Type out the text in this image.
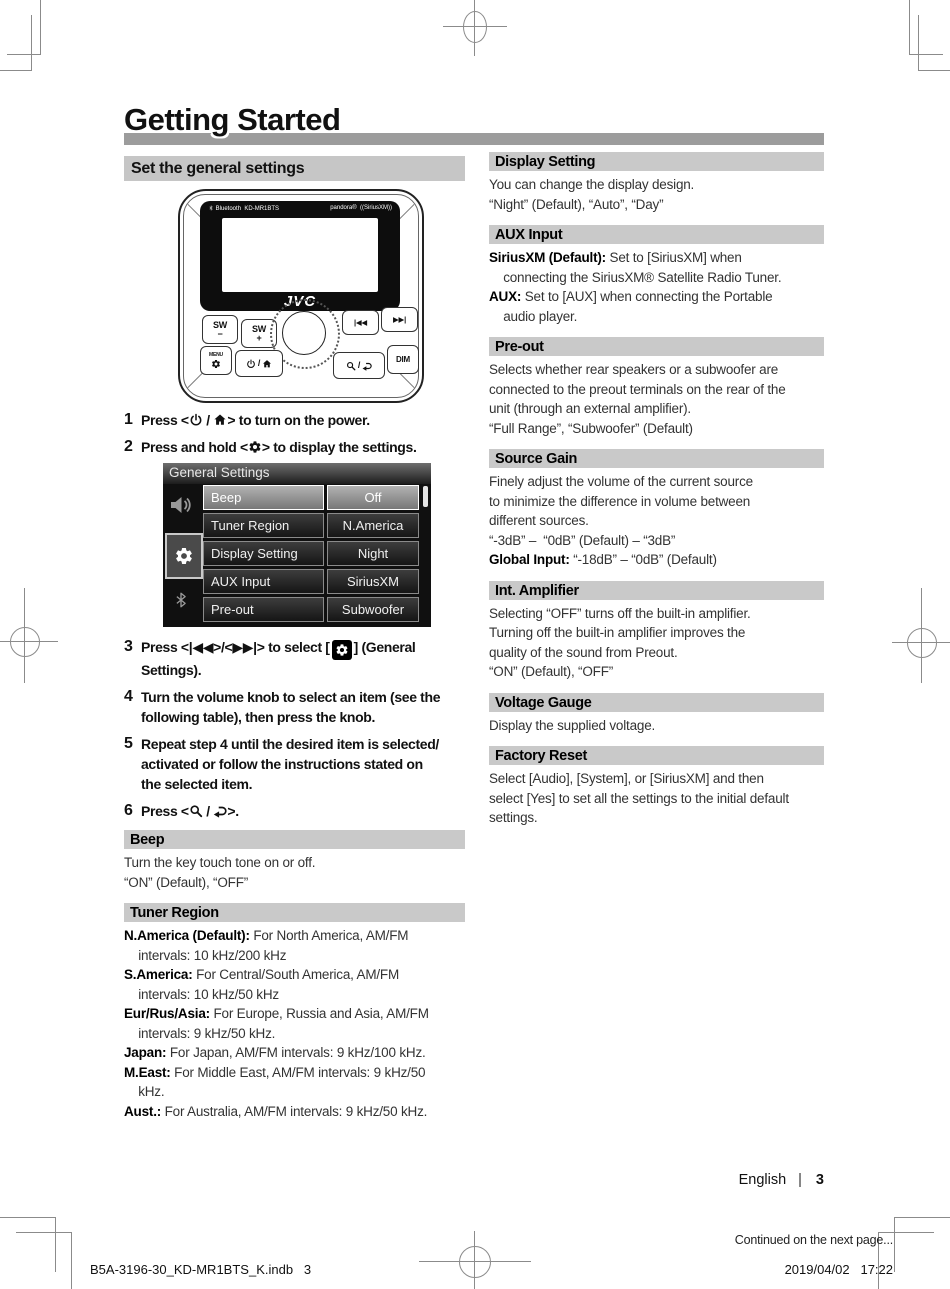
Getting Started
Set the general settings
Bluetooth KD-MR1BTS	pandora® ((SiriusXM))
JVC
SW
−	SW
+
|◀◀	▶▶|
MENU
/	/
DIM
1 Press < / > to turn on the power.
2 Press and hold < > to display the settings.
General Settings
Beep	Off
Tuner Region	N.America
Display Setting	Night
AUX Input	SiriusXM
Pre-out	Subwoofer
3 Press <|◀◀>/<▶▶|> to select [ ] (General
Settings).
4 Turn the volume knob to select an item (see the
following table), then press the knob.
5 Repeat step 4 until the desired item is selected/
activated or follow the instructions stated on
the selected item.
6 Press < / >.
Beep
Turn the key touch tone on or off.
“ON” (Default), “OFF”
Tuner Region
N.America (Default): For North America, AM/FM
intervals: 10 kHz/200 kHz
S.America: For Central/South America, AM/FM
intervals: 10 kHz/50 kHz
Eur/Rus/Asia: For Europe, Russia and Asia, AM/FM
intervals: 9 kHz/50 kHz.
Japan: For Japan, AM/FM intervals: 9 kHz/100 kHz.
M.East: For Middle East, AM/FM intervals: 9 kHz/50
kHz.
Aust.: For Australia, AM/FM intervals: 9 kHz/50 kHz.
Display Setting
You can change the display design.
“Night” (Default), “Auto”, “Day”
AUX Input
SiriusXM (Default): Set to [SiriusXM] when
connecting the SiriusXM® Satellite Radio Tuner.
AUX: Set to [AUX] when connecting the Portable
audio player.
Pre-out
Selects whether rear speakers or a subwoofer are
connected to the preout terminals on the rear of the
unit (through an external amplifier).
“Full Range”, “Subwoofer” (Default)
Source Gain
Finely adjust the volume of the current source
to minimize the difference in volume between
different sources.
“-3dB” –  “0dB” (Default) – “3dB”
Global Input: “-18dB” – “0dB” (Default)
Int. Amplifier
Selecting “OFF” turns off the built-in amplifier.
Turning off the built-in amplifier improves the
quality of the sound from Preout.
“ON” (Default), “OFF”
Voltage Gauge
Display the supplied voltage.
Factory Reset
Select [Audio], [System], or [SiriusXM] and then
select [Yes] to set all the settings to the initial default
settings.
English | 3
Continued on the next page...
B5A-3196-30_KD-MR1BTS_K.indb   3	2019/04/02   17:22
